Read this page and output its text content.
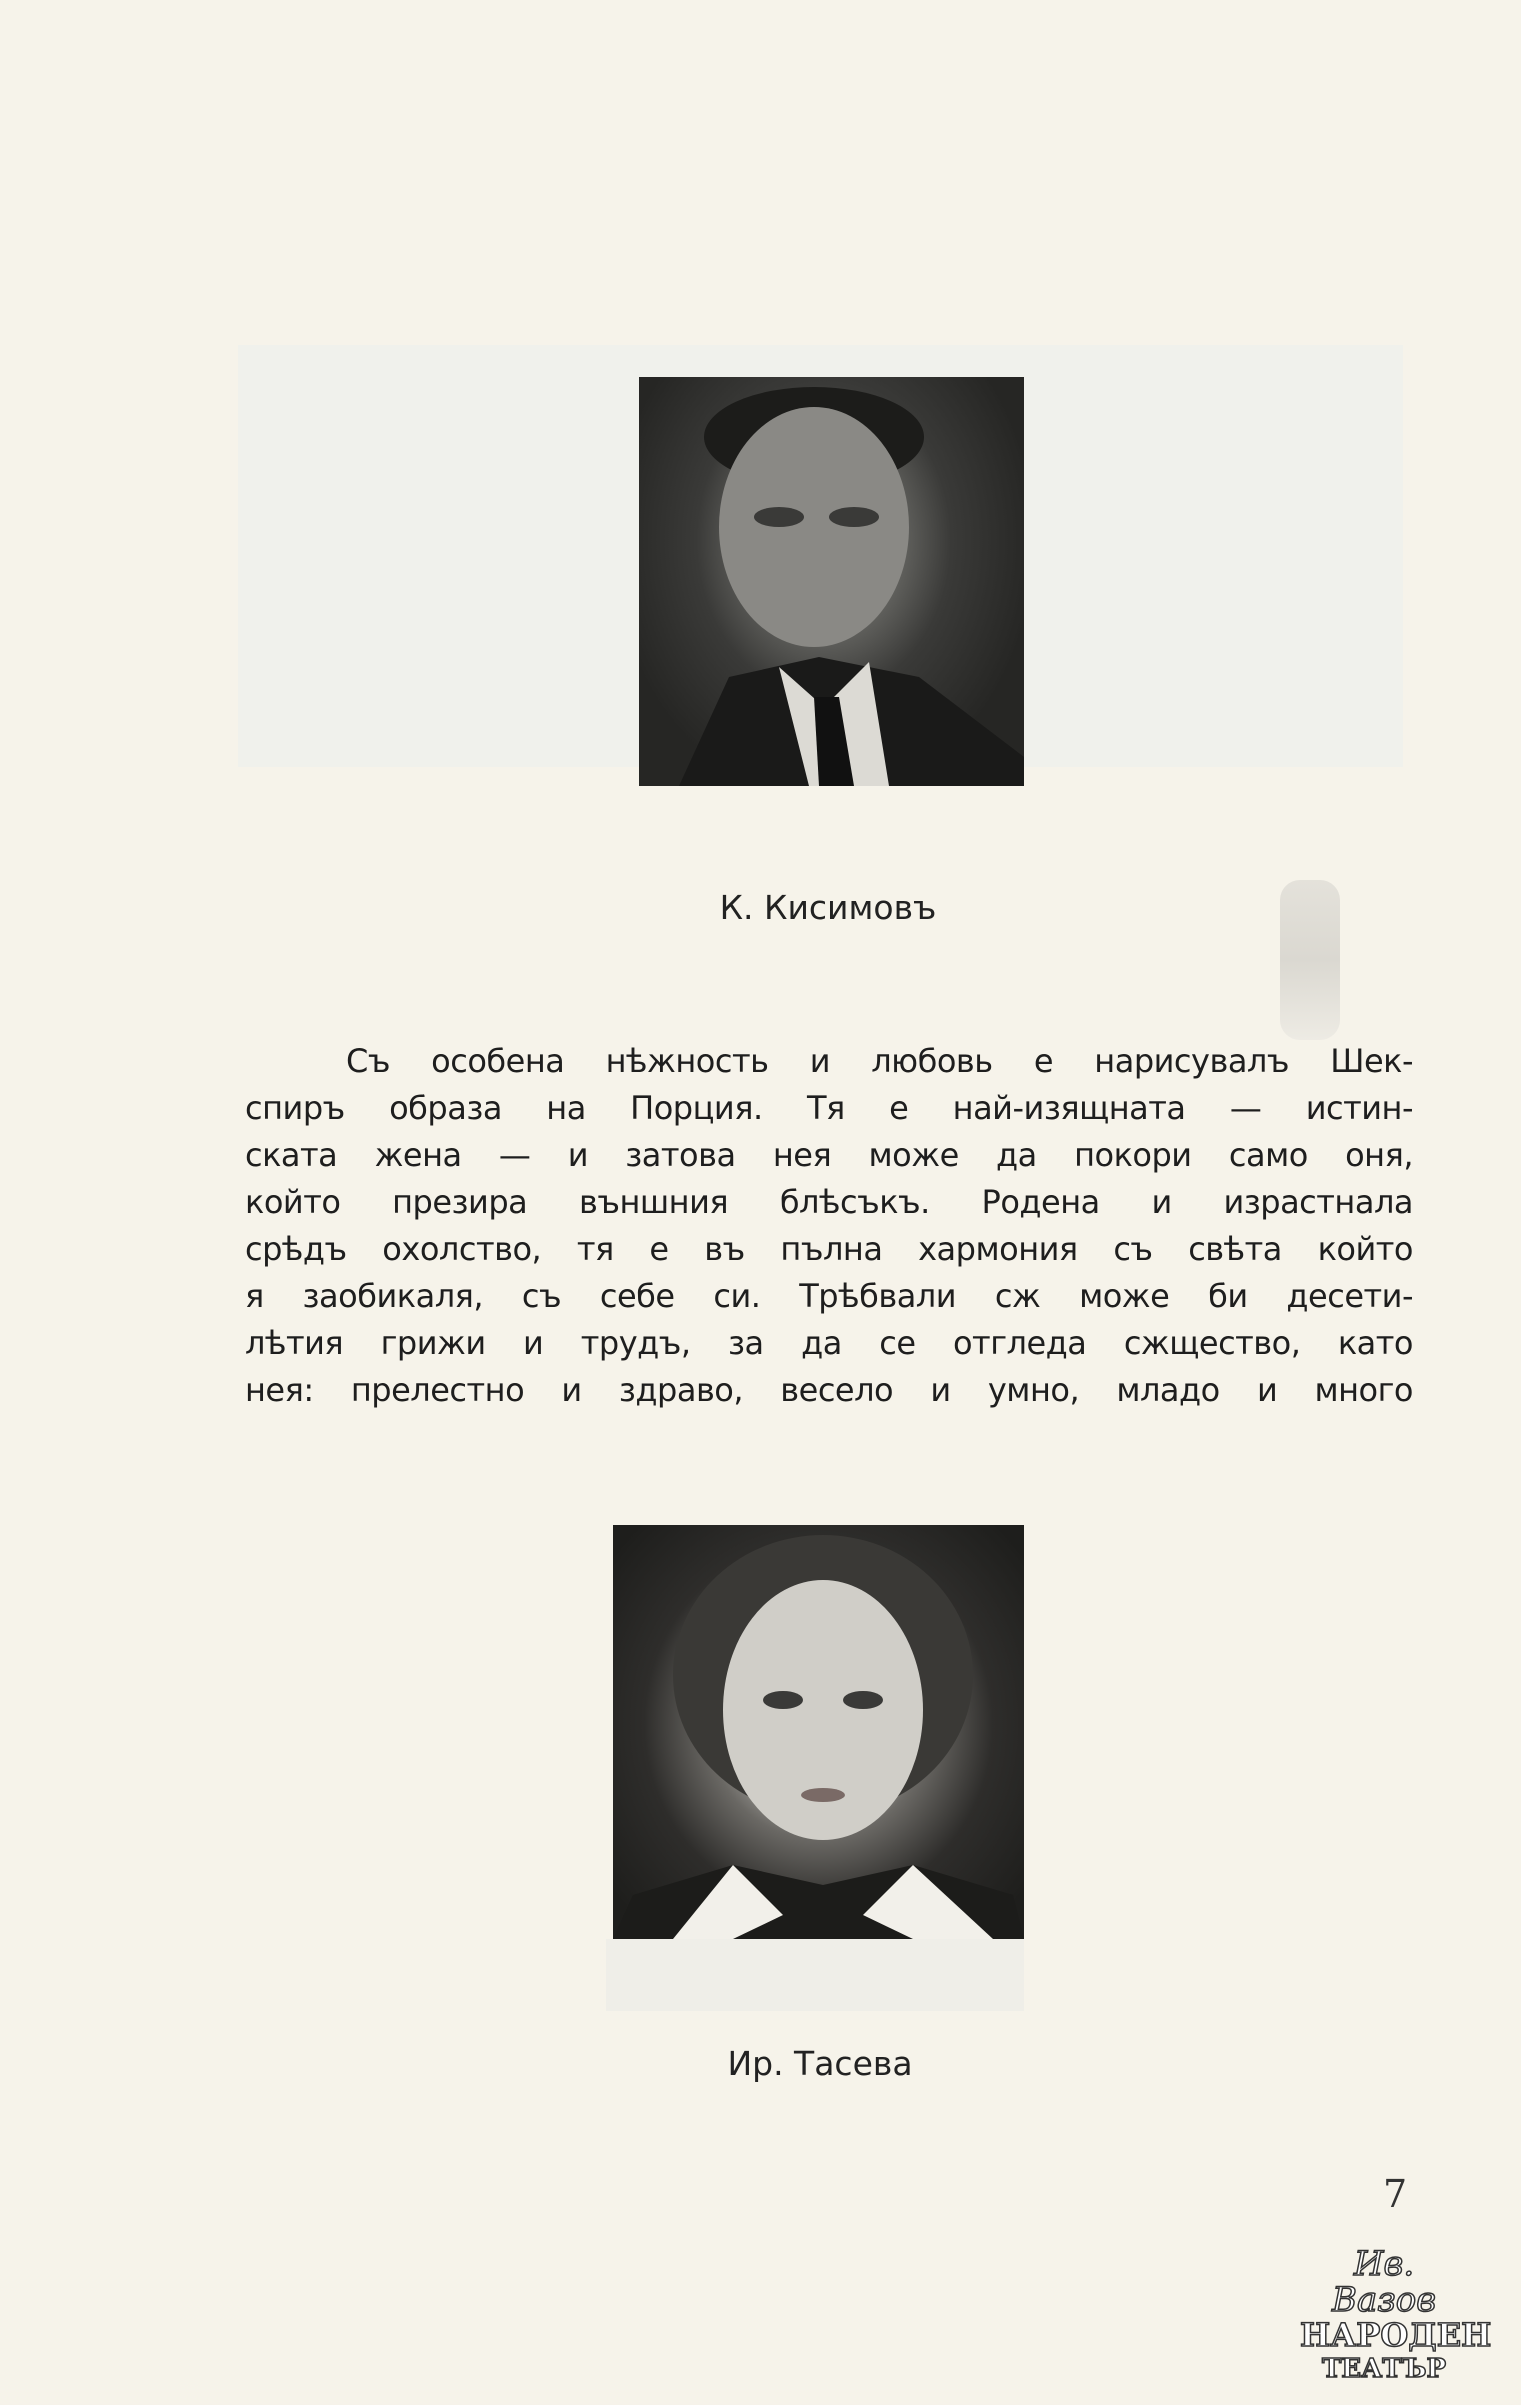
К. Кисимовъ
Съ особена нѣжность и любовь е нарисувалъ Шек-
спиръ образа на Порция. Тя е най-изящната — истин-
ската жена — и затова нея може да покори само оня,
който презира външния блѣсъкъ. Родена и израстнала
срѣдъ охолство, тя е въ пълна хармония съ свѣта който
я заобикаля, съ себе си. Трѣбвали сж може би десети-
лѣтия грижи и трудъ, за да се отгледа сжщество, като
нея: прелестно и здраво, весело и умно, младо и много
Ир. Тасева
7
Ив. Вазов
НАРОДЕН
ТЕАТЪР
